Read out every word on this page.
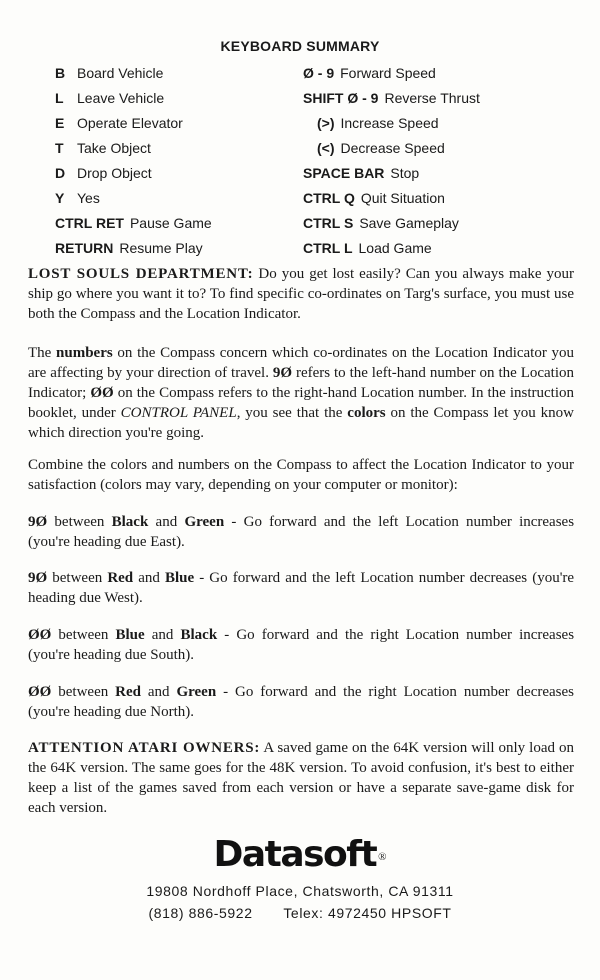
KEYBOARD SUMMARY
B Board Vehicle
L Leave Vehicle
E Operate Elevator
T Take Object
D Drop Object
Y Yes
CTRL RET Pause Game
RETURN Resume Play
Ø - 9 Forward Speed
SHIFT Ø - 9 Reverse Thrust
(>) Increase Speed
(<) Decrease Speed
SPACE BAR Stop
CTRL Q Quit Situation
CTRL S Save Gameplay
CTRL L Load Game

LOST SOULS DEPARTMENT: Do you get lost easily? Can you always make your ship go where you want it to? To find specific co-ordinates on Targ's surface, you must use both the Compass and the Location Indicator.

The numbers on the Compass concern which co-ordinates on the Location Indicator you are affecting by your direction of travel. 9Ø refers to the left-hand number on the Location Indicator; ØØ on the Compass refers to the right-hand Location number. In the instruction booklet, under CONTROL PANEL, you see that the colors on the Compass let you know which direction you're going.

Combine the colors and numbers on the Compass to affect the Location Indicator to your satisfaction (colors may vary, depending on your computer or monitor):

9Ø between Black and Green - Go forward and the left Location number increases (you're heading due East).

9Ø between Red and Blue - Go forward and the left Location number decreases (you're heading due West).

ØØ between Blue and Black - Go forward and the right Location number increases (you're heading due South).

ØØ between Red and Green - Go forward and the right Location number decreases (you're heading due North).

ATTENTION ATARI OWNERS: A saved game on the 64K version will only load on the 64K version. The same goes for the 48K version. To avoid confusion, it's best to either keep a list of the games saved from each version or have a separate save-game disk for each version.

Datasoft ®
19808 Nordhoff Place, Chatsworth, CA 91311
(818) 886-5922 Telex: 4972450 HPSOFT
